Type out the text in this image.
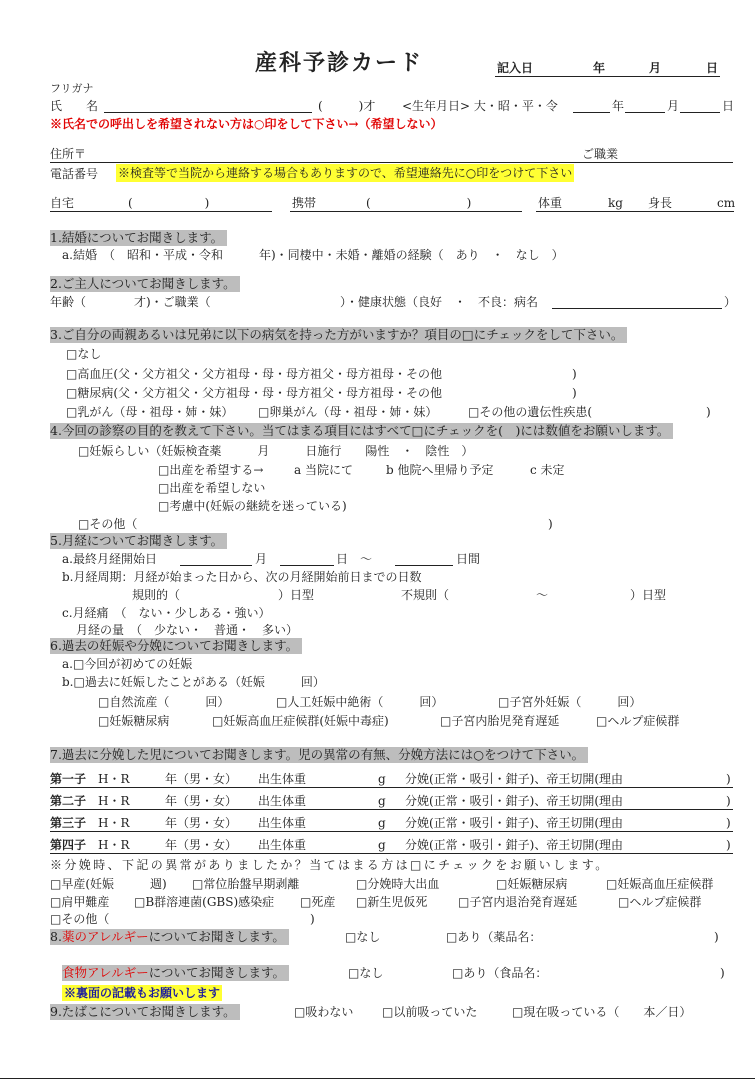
産科予診カード	記入日	年	月	日
フリガナ
氏　　名	(　　　)才 <生年月日> 大・昭・平・令	年	月	日
※氏名での呼出しを希望されない方は○印をして下さい→（希望しない）
住所〒	ご職業
電話番号 ※検査等で当院から連絡する場合もありますので、希望連絡先に○印をつけて下さい
自宅	(　　　　　　)	携帯	(　　　　　　　　)	体重	kg 身長	cm
1.結婚についてお聞きします。
a.結婚　（　昭和・平成・令和　　　年)・同棲中・未婚・離婚の経験（　あり　・　なし　）
2.ご主人についてお聞きします。
年齢（　　　　才)・ご職業（	）・健康状態（良好　・　不良：病名	）
3.ご自分の両親あるいは兄弟に以下の病気を持った方がいますか？項目の□にチェックをして下さい。
□なし
□高血圧(父・父方祖父・父方祖母・母・母方祖父・母方祖母・その他	)
□糖尿病(父・父方祖父・父方祖母・母・母方祖父・母方祖母・その他	)
□乳がん（母・祖母・姉・妹） □卵巣がん（母・祖母・姉・妹）	□その他の遺伝性疾患(	)
4.今回の診察の目的を教えて下さい。当てはまる項目にはすべて□にチェックを(　)には数値をお願いします。
□妊娠らしい（妊娠検査薬　　　月　　　日施行　　陽性　・　陰性　）
□出産を希望する→	a 当院にて	b 他院へ里帰り予定	c 未定
□出産を希望しない
□考慮中(妊娠の継続を迷っている)
□その他（	)
5.月経についてお聞きします。
a.最終月経開始日	月	日　～	日間
b.月経周期：月経が始まった日から、次の月経開始前日までの日数
規則的（	）日型	不規則（	～	）日型
c.月経痛　（　ない・少しある・強い）
月経の量　（　少ない・　普通・　多い）
6.過去の妊娠や分娩についてお聞きします。
a.□今回が初めての妊娠
b.□過去に妊娠したことがある（妊娠　　　回）
□自然流産（　　　回）	□人工妊娠中絶術（　　　回）	□子宮外妊娠（　　　回）
□妊娠糖尿病	□妊娠高血圧症候群(妊娠中毒症)	□子宮内胎児発育遅延	□ヘルプ症候群
7.過去に分娩した児についてお聞きします。児の異常の有無、分娩方法には○をつけて下さい。
第一子 H・R	年（男・女） 出生体重	g 分娩(正常・吸引・鉗子)、帝王切開(理由	)
第二子 H・R	年（男・女） 出生体重	g 分娩(正常・吸引・鉗子)、帝王切開(理由	)
第三子 H・R	年（男・女） 出生体重	g 分娩(正常・吸引・鉗子)、帝王切開(理由	)
第四子 H・R	年（男・女） 出生体重	g 分娩(正常・吸引・鉗子)、帝王切開(理由	)
※分娩時、下記の異常がありましたか？当てはまる方は□にチェックをお願いします。
□早産(妊娠　　　週) □常位胎盤早期剥離	□分娩時大出血	□妊娠糖尿病	□妊娠高血圧症候群
□肩甲難産 □B群溶連菌(GBS)感染症 □死産 □新生児仮死	□子宮内退治発育遅延	□ヘルプ症候群
□その他（	)
8.薬のアレルギーについてお聞きします。	□なし	□あり（薬品名：	)
食物アレルギーについてお聞きします。	□なし	□あり（食品名：	)
※裏面の記載もお願いします
9.たばこについてお聞きします。	□吸わない □以前吸っていた	□現在吸っている（　　本／日）
